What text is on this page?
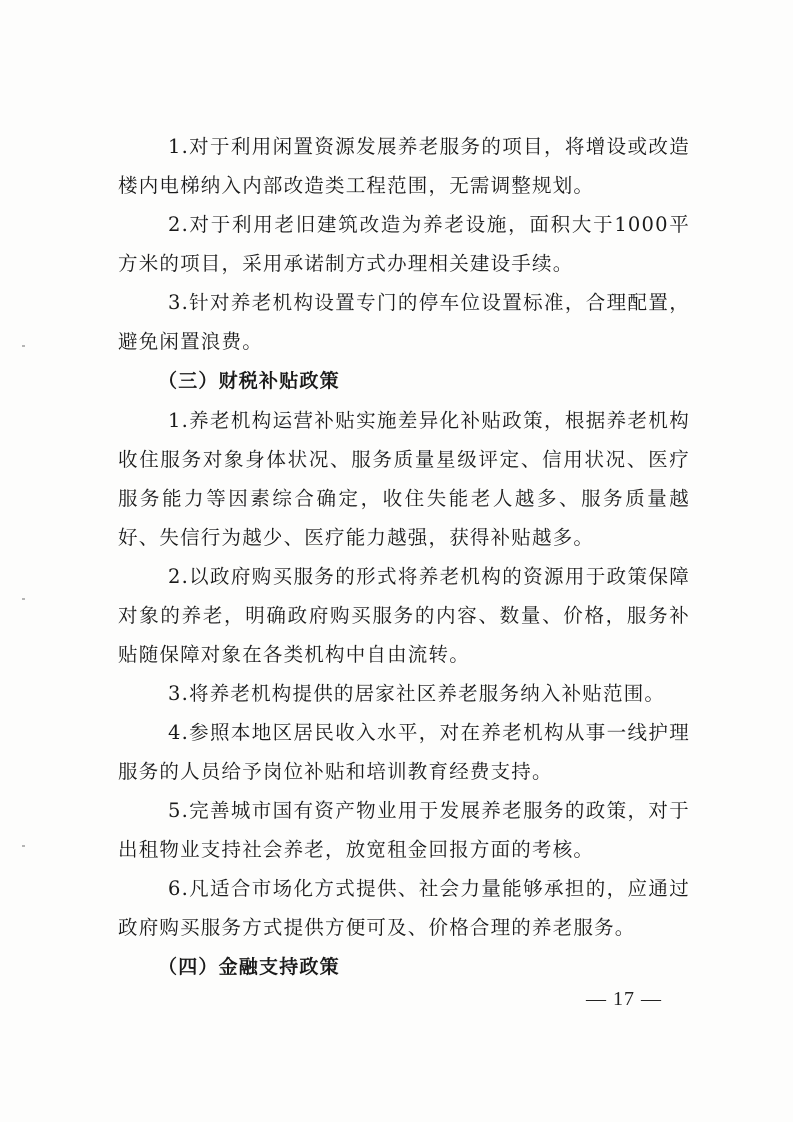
1.对于利用闲置资源发展养老服务的项目，将增设或改造楼内电梯纳入内部改造类工程范围，无需调整规划。

2.对于利用老旧建筑改造为养老设施，面积大于1000平方米的项目，采用承诺制方式办理相关建设手续。

3.针对养老机构设置专门的停车位设置标准，合理配置，避免闲置浪费。

（三）财税补贴政策

1.养老机构运营补贴实施差异化补贴政策，根据养老机构收住服务对象身体状况、服务质量星级评定、信用状况、医疗服务能力等因素综合确定，收住失能老人越多、服务质量越好、失信行为越少、医疗能力越强，获得补贴越多。

2.以政府购买服务的形式将养老机构的资源用于政策保障对象的养老，明确政府购买服务的内容、数量、价格，服务补贴随保障对象在各类机构中自由流转。

3.将养老机构提供的居家社区养老服务纳入补贴范围。

4.参照本地区居民收入水平，对在养老机构从事一线护理服务的人员给予岗位补贴和培训教育经费支持。

5.完善城市国有资产物业用于发展养老服务的政策，对于出租物业支持社会养老，放宽租金回报方面的考核。

6.凡适合市场化方式提供、社会力量能够承担的，应通过政府购买服务方式提供方便可及、价格合理的养老服务。

（四）金融支持政策

— 17 —
